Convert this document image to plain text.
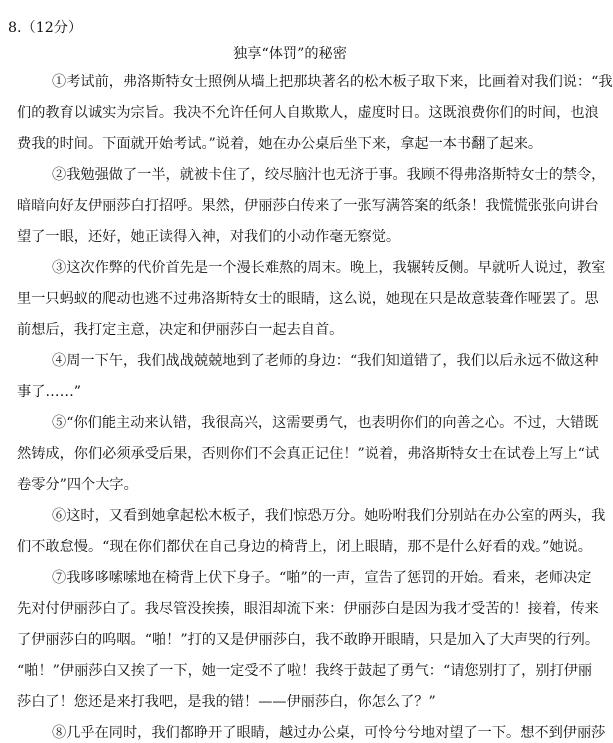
8.（12分）
独享“体罚”的秘密
①考试前，弗洛斯特女士照例从墙上把那块著名的松木板子取下来，比画着对我们说：“我
们的教育以诚实为宗旨。我决不允许任何人自欺欺人，虚度时日。这既浪费你们的时间，也浪
费我的时间。下面就开始考试。”说着，她在办公桌后坐下来，拿起一本书翻了起来。
②我勉强做了一半，就被卡住了，绞尽脑汁也无济于事。我顾不得弗洛斯特女士的禁令，
暗暗向好友伊丽莎白打招呼。果然，伊丽莎白传来了一张写满答案的纸条！我慌慌张张向讲台
望了一眼，还好，她正读得入神，对我们的小动作毫无察觉。
③这次作弊的代价首先是一个漫长难熬的周末。晚上，我辗转反侧。早就听人说过，教室
里一只蚂蚁的爬动也逃不过弗洛斯特女士的眼睛，这么说，她现在只是故意装聋作哑罢了。思
前想后，我打定主意，决定和伊丽莎白一起去自首。
④周一下午，我们战战兢兢地到了老师的身边：“我们知道错了，我们以后永远不做这种
事了……”
⑤“你们能主动来认错，我很高兴，这需要勇气，也表明你们的向善之心。不过，大错既
然铸成，你们必须承受后果，否则你们不会真正记住！”说着，弗洛斯特女士在试卷上写上“试
卷零分”四个大字。
⑥这时，又看到她拿起松木板子，我们惊恐万分。她吩咐我们分别站在办公室的两头，我
们不敢怠慢。“现在你们都伏在自己身边的椅背上，闭上眼睛，那不是什么好看的戏。”她说。
⑦我哆哆嗦嗦地在椅背上伏下身子。“啪”的一声，宣告了惩罚的开始。看来，老师决定
先对付伊丽莎白了。我尽管没挨揍，眼泪却流下来：伊丽莎白是因为我才受苦的！接着，传来
了伊丽莎白的呜咽。“啪！”打的又是伊丽莎白，我不敢睁开眼睛，只是加入了大声哭的行列。
“啪！”伊丽莎白又挨了一下，她一定受不了啦！我终于鼓起了勇气：“请您别打了，别打伊丽
莎白了！您还是来打我吧，是我的错！——伊丽莎白，你怎么了？”
⑧几乎在同时，我们都睁开了眼睛，越过办公桌，可怜兮兮地对望了一下。想不到伊丽莎
